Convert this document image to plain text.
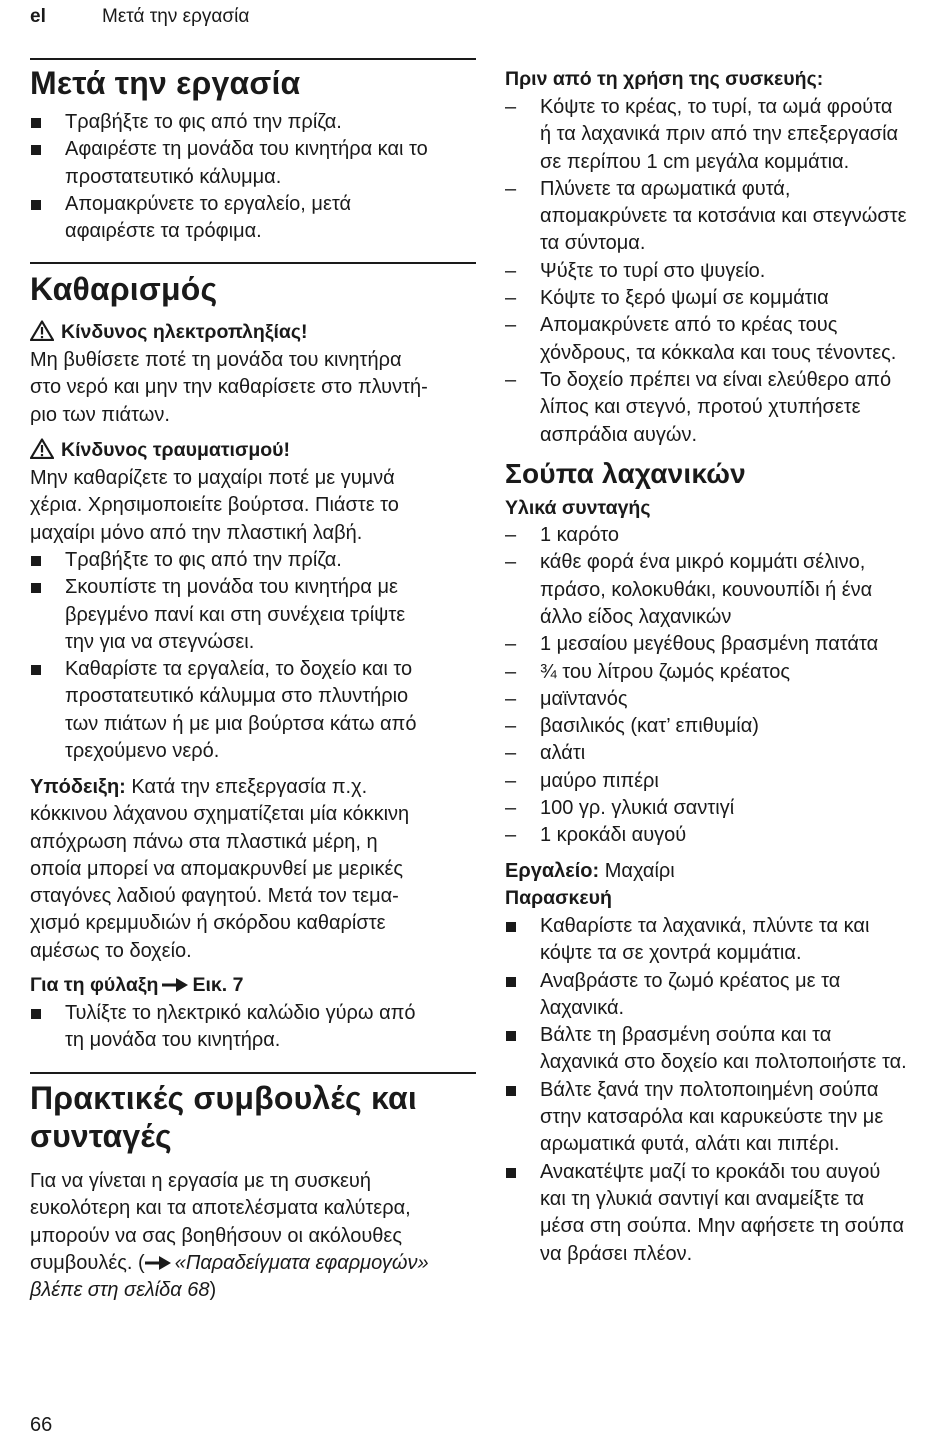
el	Μετά την εργασία
Μετά την εργασία
Τραβήξτε το φις από την πρίζα.
Αφαιρέστε τη μονάδα του κινητήρα και το
προστατευτικό κάλυμμα.
Απομακρύνετε το εργαλείο, μετά
αφαιρέστε τα τρόφιμα.
Καθαρισμός
Κίνδυνος ηλεκτροπληξίας!
Μη βυθίσετε ποτέ τη μονάδα του κινητήρα
στο νερό και μην την καθαρίσετε στο πλυντή-
ριο των πιάτων.
Κίνδυνος τραυματισμού!
Μην καθαρίζετε το μαχαίρι ποτέ με γυμνά
χέρια. Χρησιμοποιείτε βούρτσα. Πιάστε το
μαχαίρι μόνο από την πλαστική λαβή.
Τραβήξτε το φις από την πρίζα.
Σκουπίστε τη μονάδα του κινητήρα με
βρεγμένο πανί και στη συνέχεια τρίψτε
την για να στεγνώσει.
Καθαρίστε τα εργαλεία, το δοχείο και το
προστατευτικό κάλυμμα στο πλυντήριο
των πιάτων ή με μια βούρτσα κάτω από
τρεχούμενο νερό.
Υπόδειξη: Κατά την επεξεργασία π.χ.
κόκκινου λάχανου σχηματίζεται μία κόκκινη
απόχρωση πάνω στα πλαστικά μέρη, η
οποία μπορεί να απομακρυνθεί με μερικές
σταγόνες λαδιού φαγητού. Μετά τον τεμα-
χισμό κρεμμυδιών ή σκόρδου καθαρίστε
αμέσως το δοχείο.
Για τη φύλαξη Εικ. 7
Τυλίξτε το ηλεκτρικό καλώδιο γύρω από
τη μονάδα του κινητήρα.
Πρακτικές συμβουλές και
συνταγές
Για να γίνεται η εργασία με τη συσκευή
ευκολότερη και τα αποτελέσματα καλύτερα,
μπορούν να σας βοηθήσουν οι ακόλουθες
συμβουλές. ( «Παραδείγματα εφαρμογών»
βλέπε στη σελίδα 68)
Πριν από τη χρήση της συσκευής:
–	Κόψτε το κρέας, το τυρί, τα ωμά φρούτα
ή τα λαχανικά πριν από την επεξεργασία
σε περίπου 1 cm μεγάλα κομμάτια.
–	Πλύνετε τα αρωματικά φυτά,
απομακρύνετε τα κοτσάνια και στεγνώστε
τα σύντομα.
–	Ψύξτε το τυρί στο ψυγείο.
–	Κόψτε το ξερό ψωμί σε κομμάτια
–	Απομακρύνετε από το κρέας τους
χόνδρους, τα κόκκαλα και τους τένοντες.
–	Το δοχείο πρέπει να είναι ελεύθερο από
λίπος και στεγνό, προτού χτυπήσετε
ασπράδια αυγών.
Σούπα λαχανικών
Υλικά συνταγής
–	1 καρότο
–	κάθε φορά ένα μικρό κομμάτι σέλινο,
πράσο, κολοκυθάκι, κουνουπίδι ή ένα
άλλο είδος λαχανικών
–	1 μεσαίου μεγέθους βρασμένη πατάτα
–	¾ του λίτρου ζωμός κρέατος
–	μαϊντανός
–	βασιλικός (κατ’ επιθυμία)
–	αλάτι
–	μαύρο πιπέρι
–	100 γρ. γλυκιά σαντιγί
–	1 κροκάδι αυγού
Εργαλείο: Μαχαίρι
Παρασκευή
Καθαρίστε τα λαχανικά, πλύντε τα και
κόψτε τα σε χοντρά κομμάτια.
Αναβράστε το ζωμό κρέατος με τα
λαχανικά.
Βάλτε τη βρασμένη σούπα και τα
λαχανικά στο δοχείο και πολτοποιήστε τα.
Βάλτε ξανά την πολτοποιημένη σούπα
στην κατσαρόλα και καρυκεύστε την με
αρωματικά φυτά, αλάτι και πιπέρι.
Ανακατέψτε μαζί το κροκάδι του αυγού
και τη γλυκιά σαντιγί και αναμείξτε τα
μέσα στη σούπα. Μην αφήσετε τη σούπα
να βράσει πλέον.
66
